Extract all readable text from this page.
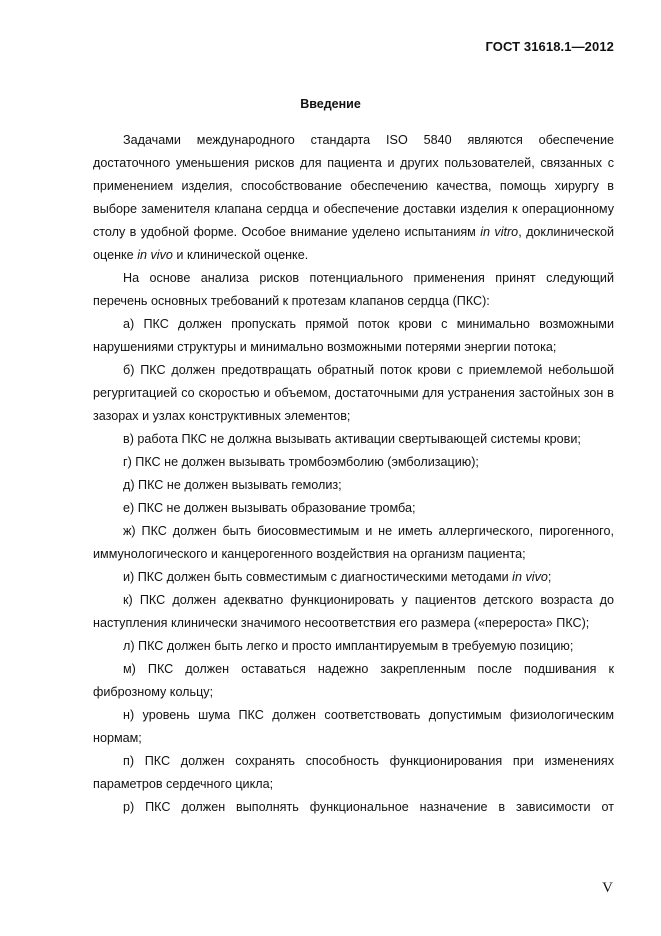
ГОСТ 31618.1—2012
Введение

Задачами международного стандарта ISO 5840 являются обеспечение достаточного уменьшения рисков для пациента и других пользователей, связанных с применением изделия, способствование обеспечению качества, помощь хирургу в выборе заменителя клапана сердца и обеспечение доставки изделия к операционному столу в удобной форме. Особое внимание уделено испытаниям in vitro, доклинической оценке in vivo и клинической оценке.

На основе анализа рисков потенциального применения принят следующий перечень основных требований к протезам клапанов сердца (ПКС):

а) ПКС должен пропускать прямой поток крови с минимально возможными нарушениями структуры и минимально возможными потерями энергии потока;

б) ПКС должен предотвращать обратный поток крови с приемлемой небольшой регургитацией со скоростью и объемом, достаточными для устранения застойных зон в зазорах и узлах конструктивных элементов;

в) работа ПКС не должна вызывать активации свертывающей системы крови;

г) ПКС не должен вызывать тромбоэмболию (эмболизацию);

д) ПКС не должен вызывать гемолиз;

е) ПКС не должен вызывать образование тромба;

ж) ПКС должен быть биосовместимым и не иметь аллергического, пирогенного, иммунологического и канцерогенного воздействия на организм пациента;

и) ПКС должен быть совместимым с диагностическими методами in vivo;

к) ПКС должен адекватно функционировать у пациентов детского возраста до наступления клинически значимого несоответствия его размера («перероста» ПКС);

л) ПКС должен быть легко и просто имплантируемым в требуемую позицию;

м) ПКС должен оставаться надежно закрепленным после подшивания к фиброзному кольцу;

н) уровень шума ПКС должен соответствовать допустимым физиологическим нормам;

п) ПКС должен сохранять способность функционирования при изменениях параметров сердечного цикла;

р) ПКС должен выполнять функциональное назначение в зависимости от

V
